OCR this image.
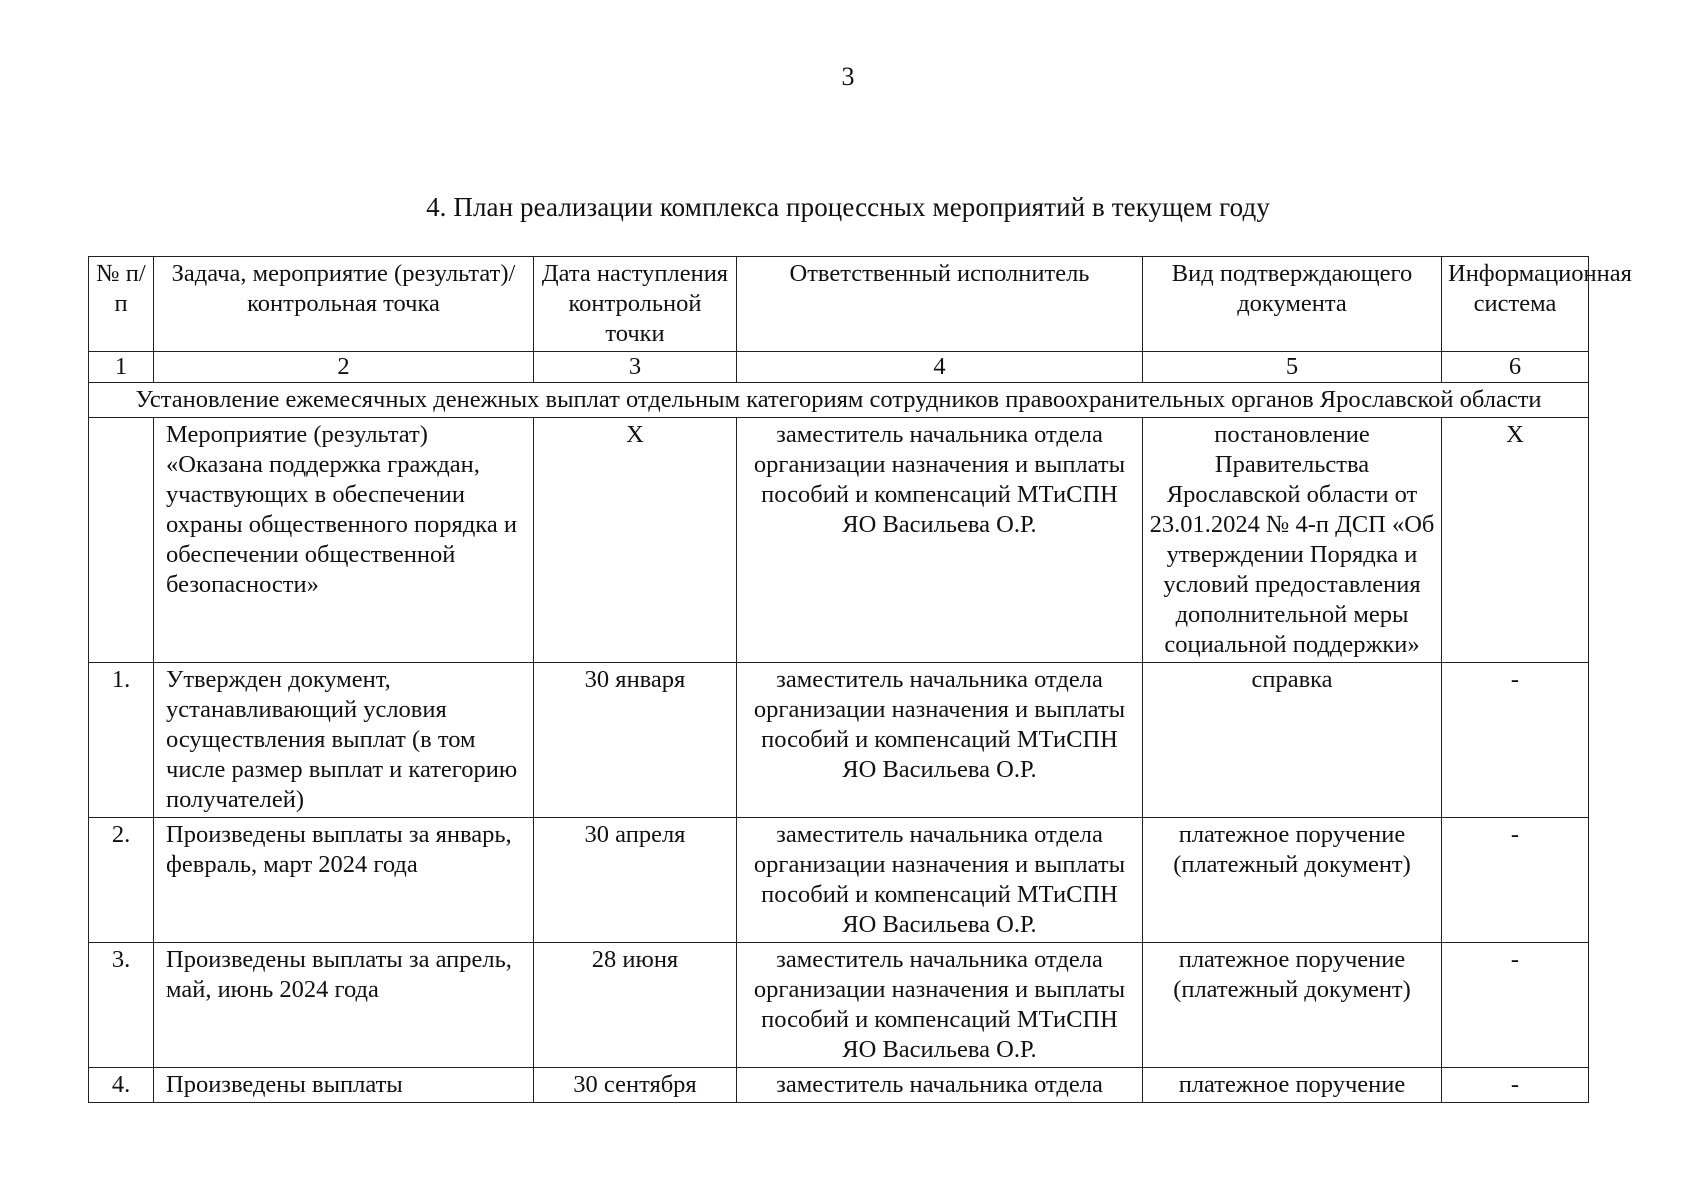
3
4. План реализации комплекса процессных мероприятий в текущем году
№ п/п	Задача, мероприятие (результат)/ контрольная точка	Дата наступления контрольной точки	Ответственный исполнитель	Вид подтверждающего документа	Информационная система
1	2	3	4	5	6
Установление ежемесячных денежных выплат отдельным категориям сотрудников правоохранительных органов Ярославской области					
	Мероприятие (результат) «Оказана поддержка граждан, участвующих в обеспечении охраны общественного порядка и обеспечении общественной безопасности»	X	заместитель начальника отдела организации назначения и выплаты пособий и компенсаций МТиСПН ЯО Васильева О.Р.	постановление Правительства Ярославской области от 23.01.2024 № 4-п ДСП «Об утверждении Порядка и условий предоставления дополнительной меры социальной поддержки»	X
1.	Утвержден документ, устанавливающий условия осуществления выплат (в том числе размер выплат и категорию получателей)	30 января	заместитель начальника отдела организации назначения и выплаты пособий и компенсаций МТиСПН ЯО Васильева О.Р.	справка	-
2.	Произведены выплаты за январь, февраль, март 2024 года	30 апреля	заместитель начальника отдела организации назначения и выплаты пособий и компенсаций МТиСПН ЯО Васильева О.Р.	платежное поручение (платежный документ)	-
3.	Произведены выплаты за апрель, май, июнь 2024 года	28 июня	заместитель начальника отдела организации назначения и выплаты пособий и компенсаций МТиСПН ЯО Васильева О.Р.	платежное поручение (платежный документ)	-
4.	Произведены выплаты	30 сентября	заместитель начальника отдела	платежное поручение	-
